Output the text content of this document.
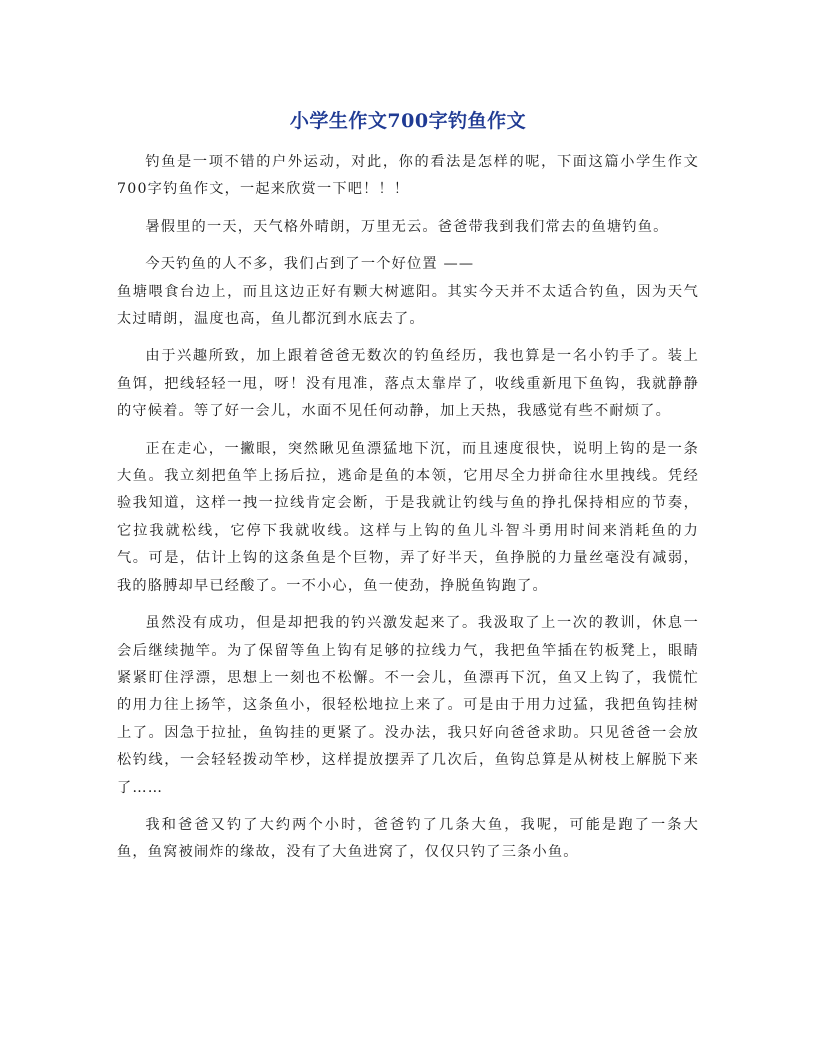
小学生作文700字钓鱼作文

钓鱼是一项不错的户外运动，对此，你的看法是怎样的呢，下面这篇小学生作文700字钓鱼作文，一起来欣赏一下吧！！！

暑假里的一天，天气格外晴朗，万里无云。爸爸带我到我们常去的鱼塘钓鱼。

今天钓鱼的人不多，我们占到了一个好位置 ——

鱼塘喂食台边上，而且这边正好有颗大树遮阳。其实今天并不太适合钓鱼，因为天气太过晴朗，温度也高，鱼儿都沉到水底去了。

由于兴趣所致，加上跟着爸爸无数次的钓鱼经历，我也算是一名小钓手了。装上鱼饵，把线轻轻一甩，呀！没有甩准，落点太靠岸了，收线重新甩下鱼钩，我就静静的守候着。等了好一会儿，水面不见任何动静，加上天热，我感觉有些不耐烦了。

正在走心，一撇眼，突然瞅见鱼漂猛地下沉，而且速度很快，说明上钩的是一条大鱼。我立刻把鱼竿上扬后拉，逃命是鱼的本领，它用尽全力拼命往水里拽线。凭经验我知道，这样一拽一拉线肯定会断，于是我就让钓线与鱼的挣扎保持相应的节奏，它拉我就松线，它停下我就收线。这样与上钩的鱼儿斗智斗勇用时间来消耗鱼的力气。可是，估计上钩的这条鱼是个巨物，弄了好半天，鱼挣脱的力量丝毫没有减弱，我的胳膊却早已经酸了。一不小心，鱼一使劲，挣脱鱼钩跑了。

虽然没有成功，但是却把我的钓兴激发起来了。我汲取了上一次的教训，休息一会后继续抛竿。为了保留等鱼上钩有足够的拉线力气，我把鱼竿插在钓板凳上，眼睛紧紧盯住浮漂，思想上一刻也不松懈。不一会儿，鱼漂再下沉，鱼又上钩了，我慌忙的用力往上扬竿，这条鱼小，很轻松地拉上来了。可是由于用力过猛，我把鱼钩挂树上了。因急于拉扯，鱼钩挂的更紧了。没办法，我只好向爸爸求助。只见爸爸一会放松钓线，一会轻轻拨动竿杪，这样提放摆弄了几次后，鱼钩总算是从树枝上解脱下来了……

我和爸爸又钓了大约两个小时，爸爸钓了几条大鱼，我呢，可能是跑了一条大鱼，鱼窝被闹炸的缘故，没有了大鱼进窝了，仅仅只钓了三条小鱼。
